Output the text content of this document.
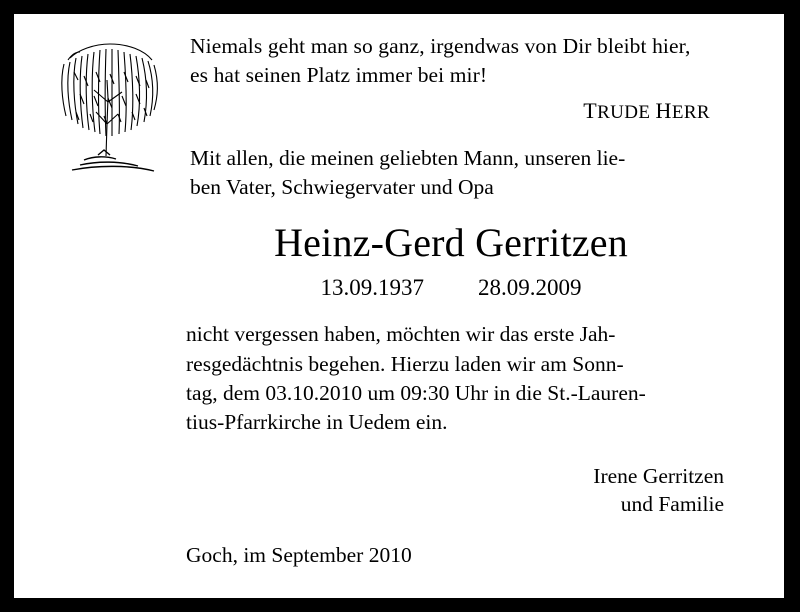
Niemals geht man so ganz, irgendwas von Dir bleibt hier,
es hat seinen Platz immer bei mir!
TRUDE HERR
Mit allen, die meinen geliebten Mann, unseren lie-
ben Vater, Schwiegervater und Opa
Heinz-Gerd Gerritzen
13.09.1937 28.09.2009
nicht vergessen haben, möchten wir das erste Jah-
resgedächtnis begehen. Hierzu laden wir am Sonn-
tag, dem 03.10.2010 um 09:30 Uhr in die St.-Lauren-
tius-Pfarrkirche in Uedem ein.
Irene Gerritzen
und Familie
Goch, im September 2010
